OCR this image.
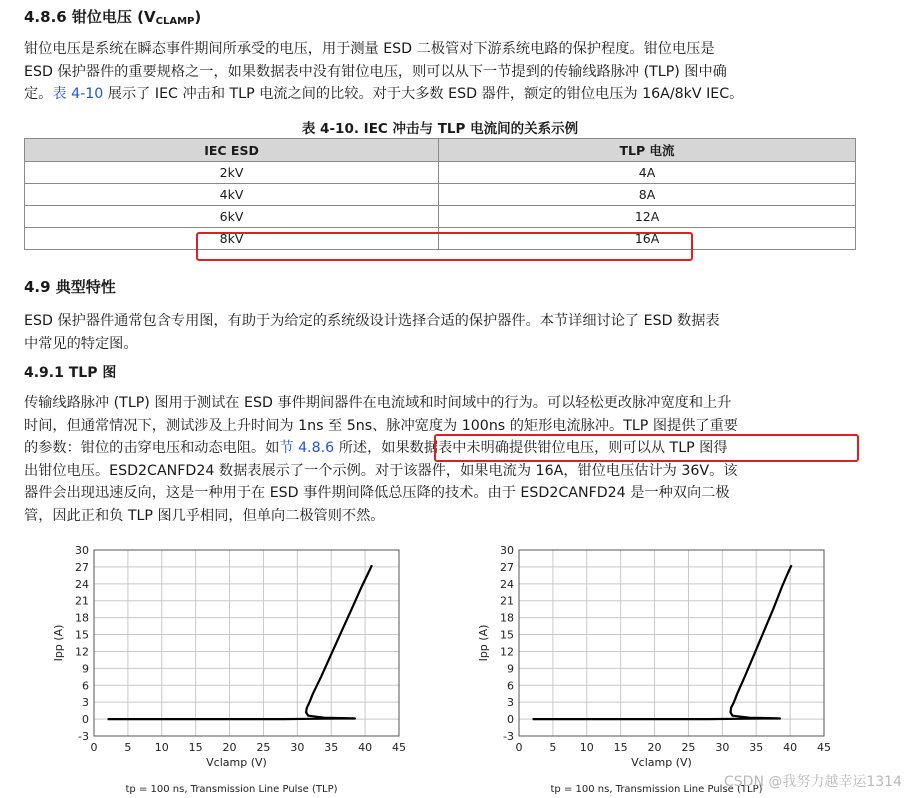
4.8.6 钳位电压 $(V_{CLAMP})$
钳位电压是系统在瞬态事件期间所承受的电压，用于测量 ESD 二极管对下游系统电路的保护程度。钳位电压是
ESD 保护器件的重要规格之一，如果数据表中没有钳位电压，则可以从下一节提到的传输线路脉冲 (TLP) 图中确
定。表 4-10 展示了 IEC 冲击和 TLP 电流之间的比较。对于大多数 ESD 器件，额定的钳位电压为 16A/8kV IEC。
表 4-10. IEC 冲击与 TLP 电流间的关系示例
IEC ESD	TLP 电流
2kV	4A
4kV	8A
6kV	12A
8kV	16A
4.9 典型特性
ESD 保护器件通常包含专用图，有助于为给定的系统级设计选择合适的保护器件。本节详细讨论了 ESD 数据表
中常见的特定图。
4.9.1 TLP 图
传输线路脉冲 (TLP) 图用于测试在 ESD 事件期间器件在电流域和时间域中的行为。可以轻松更改脉冲宽度和上升
时间，但通常情况下，测试涉及上升时间为 1ns 至 5ns、脉冲宽度为 100ns 的矩形电流脉冲。TLP 图提供了重要
的参数：钳位的击穿电压和动态电阻。如节 4.8.6 所述，如果数据表中未明确提供钳位电压，则可以从 TLP 图得
出钳位电压。ESD2CANFD24 数据表展示了一个示例。对于该器件，如果电流为 16A，钳位电压估计为 36V。该
器件会出现迅速反向，这是一种用于在 ESD 事件期间降低总压降的技术。由于 ESD2CANFD24 是一种双向二极
管，因此正和负 TLP 图几乎相同，但单向二极管则不然。
0 5 10 15 20 25 30 35 40 45
-3
0
3
6
9
12
15
18
21
24
27
30
Vclamp (V)
Ipp (A)
tp = 100 ns, Transmission Line Pulse (TLP)
0 5 10 15 20 25 30 35 40 45
-3
0
3
6
9
12
15
18
21
24
27
30
Vclamp (V)
Ipp (A)
tp = 100 ns, Transmission Line Pulse (TLP)
CSDN @我努力越幸运1314
